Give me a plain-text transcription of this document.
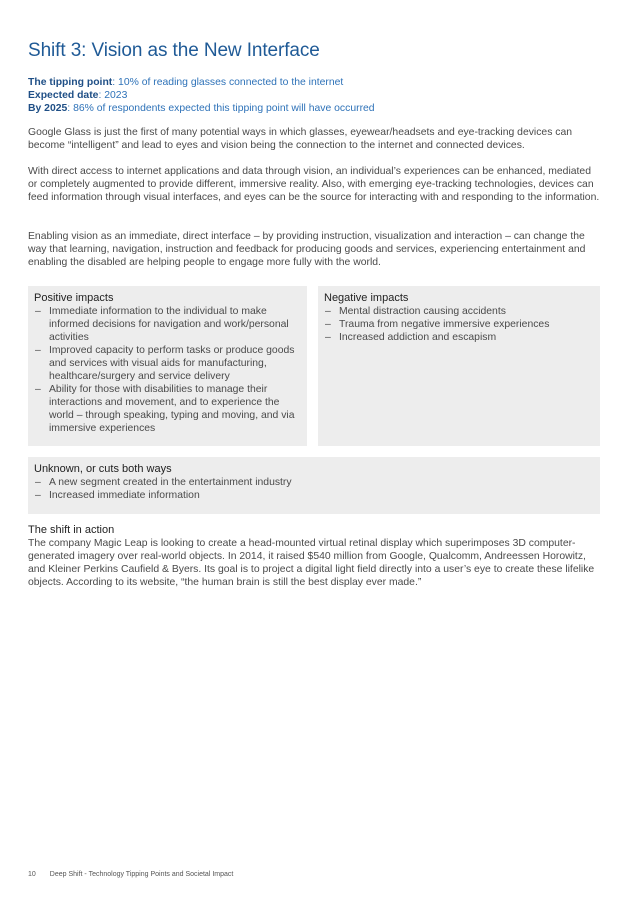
Shift 3: Vision as the New Interface
The tipping point: 10% of reading glasses connected to the internet
Expected date: 2023
By 2025: 86% of respondents expected this tipping point will have occurred

Google Glass is just the first of many potential ways in which glasses, eyewear/headsets and eye-tracking devices can become “intelligent” and lead to eyes and vision being the connection to the internet and connected devices.

With direct access to internet applications and data through vision, an individual’s experiences can be enhanced, mediated or completely augmented to provide different, immersive reality. Also, with emerging eye-tracking technologies, devices can feed information through visual interfaces, and eyes can be the source for interacting with and responding to the information.

Enabling vision as an immediate, direct interface – by providing instruction, visualization and interaction – can change the way that learning, navigation, instruction and feedback for producing goods and services, experiencing entertainment and enabling the disabled are helping people to engage more fully with the world.

Positive impacts
– Immediate information to the individual to make informed decisions for navigation and work/personal activities
– Improved capacity to perform tasks or produce goods and services with visual aids for manufacturing, healthcare/surgery and service delivery
– Ability for those with disabilities to manage their interactions and movement, and to experience the world – through speaking, typing and moving, and via immersive experiences
Negative impacts
– Mental distraction causing accidents
– Trauma from negative immersive experiences
– Increased addiction and escapism
Unknown, or cuts both ways
– A new segment created in the entertainment industry
– Increased immediate information
The shift in action

The company Magic Leap is looking to create a head-mounted virtual retinal display which superimposes 3D computer-generated imagery over real-world objects. In 2014, it raised $540 million from Google, Qualcomm, Andreessen Horowitz, and Kleiner Perkins Caufield & Byers. Its goal is to project a digital light field directly into a user’s eye to create these lifelike objects. According to its website, “the human brain is still the best display ever made.”

10 Deep Shift - Technology Tipping Points and Societal Impact
